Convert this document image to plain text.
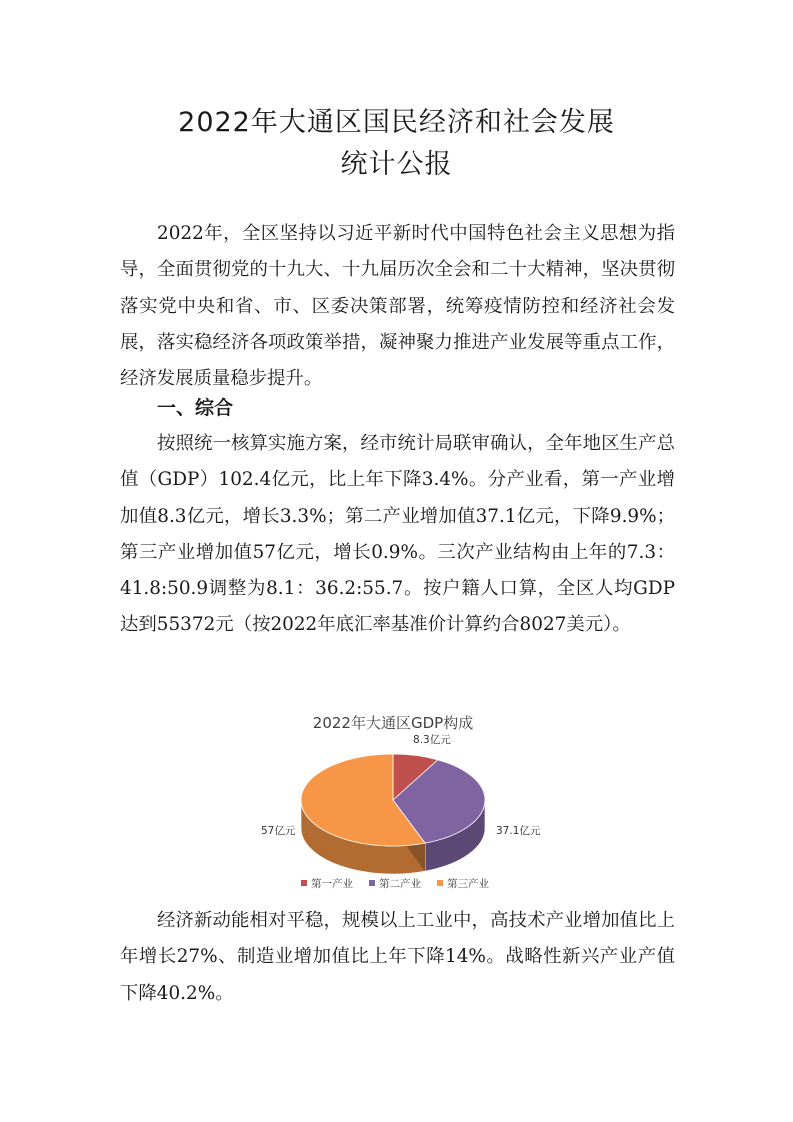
2022年大通区国民经济和社会发展
统计公报

2022年，全区坚持以习近平新时代中国特色社会主义思想为指导，全面贯彻党的十九大、十九届历次全会和二十大精神，坚决贯彻落实党中央和省、市、区委决策部署，统筹疫情防控和经济社会发展，落实稳经济各项政策举措，凝神聚力推进产业发展等重点工作，经济发展质量稳步提升。

一、综合

按照统一核算实施方案，经市统计局联审确认，全年地区生产总值（GDP）102.4亿元，比上年下降3.4%。分产业看，第一产业增加值8.3亿元，增长3.3%；第二产业增加值37.1亿元，下降9.9%；第三产业增加值57亿元，增长0.9%。三次产业结构由上年的7.3：41.8:50.9调整为8.1：36.2:55.7。按户籍人口算，全区人均GDP达到55372元（按2022年底汇率基准价计算约合8027美元）。

2022年大通区GDP构成
8.3亿元
37.1亿元
57亿元
第一产业 第二产业 第三产业

经济新动能相对平稳，规模以上工业中，高技术产业增加值比上年增长27%、制造业增加值比上年下降14%。战略性新兴产业产值下降40.2%。
